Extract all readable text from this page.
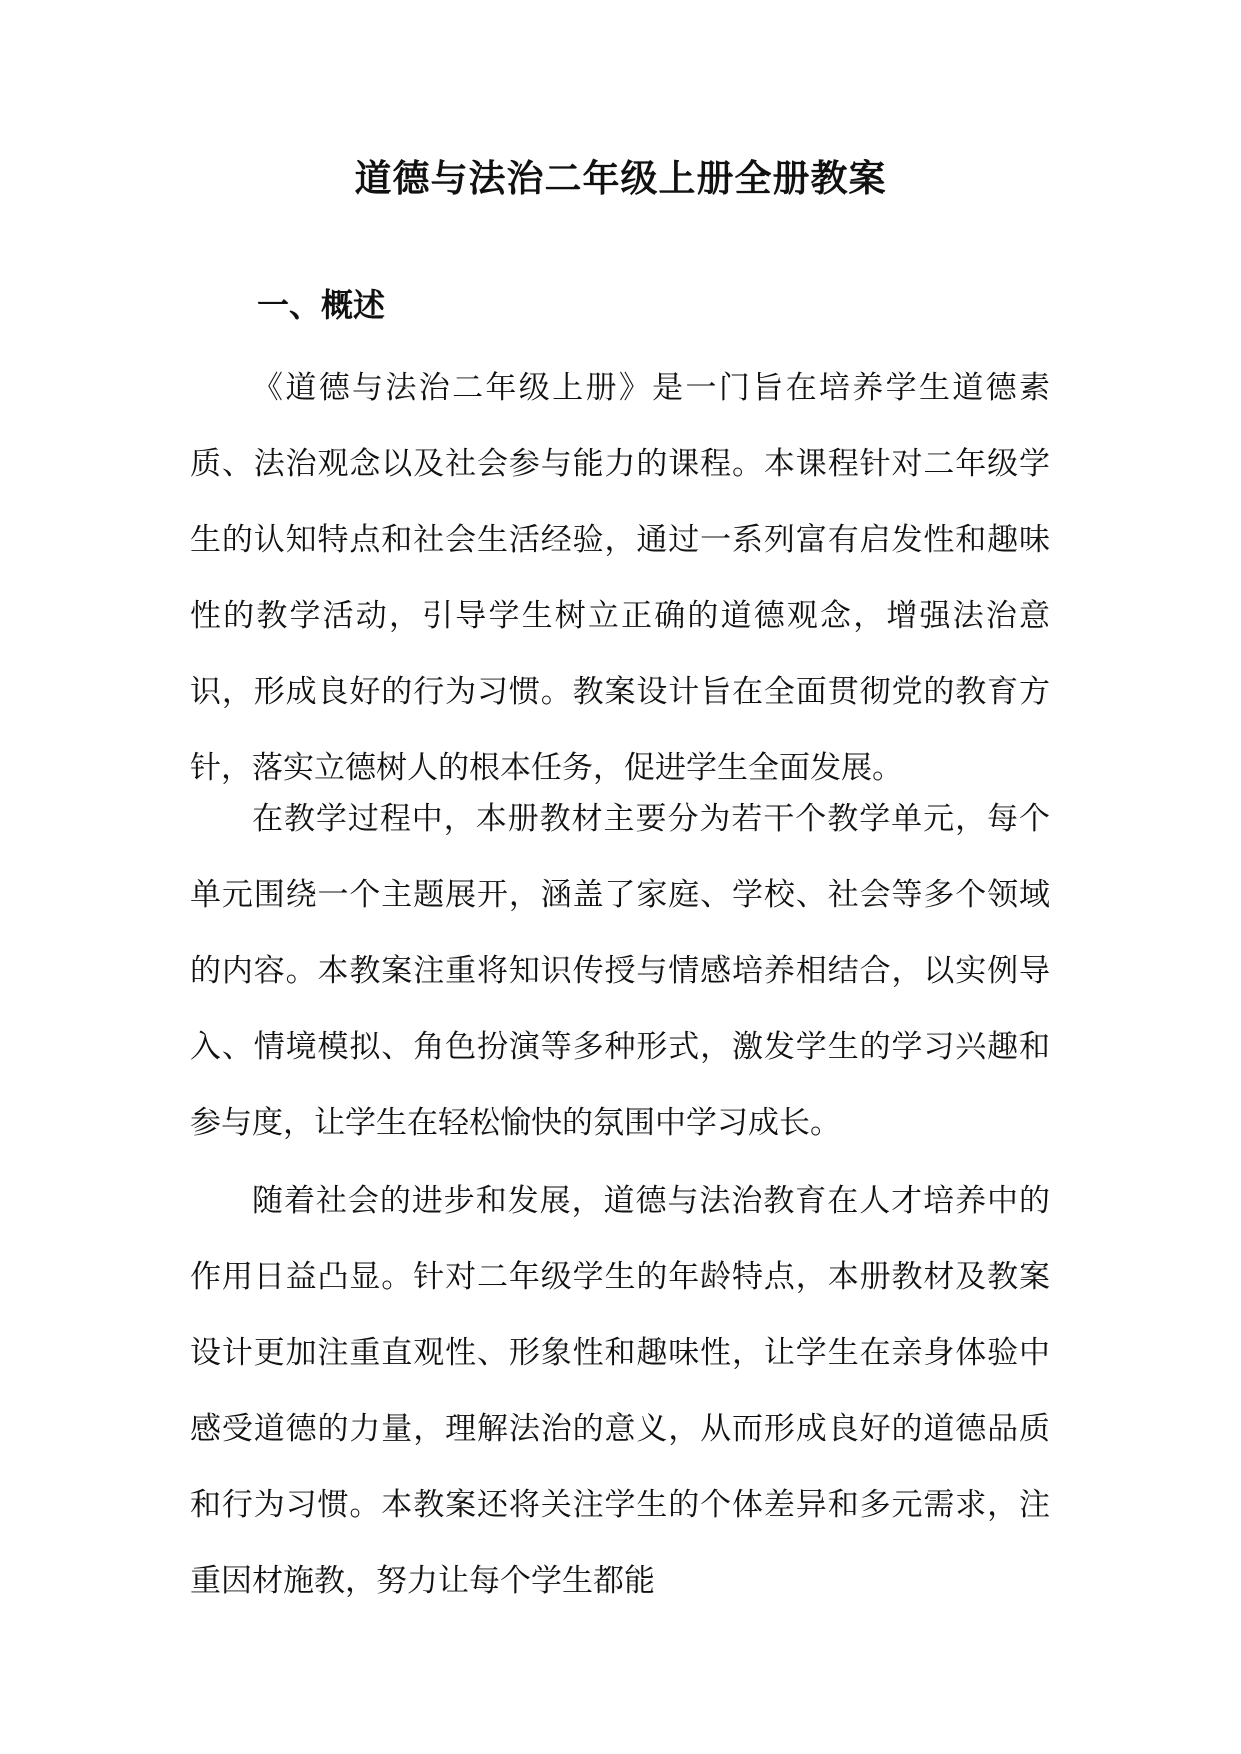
道德与法治二年级上册全册教案
一、概述

《道德与法治二年级上册》是一门旨在培养学生道德素质、法治观念以及社会参与能力的课程。本课程针对二年级学生的认知特点和社会生活经验，通过一系列富有启发性和趣味性的教学活动，引导学生树立正确的道德观念，增强法治意识，形成良好的行为习惯。教案设计旨在全面贯彻党的教育方针，落实立德树人的根本任务，促进学生全面发展。

在教学过程中，本册教材主要分为若干个教学单元，每个单元围绕一个主题展开，涵盖了家庭、学校、社会等多个领域的内容。本教案注重将知识传授与情感培养相结合，以实例导入、情境模拟、角色扮演等多种形式，激发学生的学习兴趣和参与度，让学生在轻松愉快的氛围中学习成长。

随着社会的进步和发展，道德与法治教育在人才培养中的作用日益凸显。针对二年级学生的年龄特点，本册教材及教案设计更加注重直观性、形象性和趣味性，让学生在亲身体验中感受道德的力量，理解法治的意义，从而形成良好的道德品质和行为习惯。本教案还将关注学生的个体差异和多元需求，注重因材施教，努力让每个学生都能
